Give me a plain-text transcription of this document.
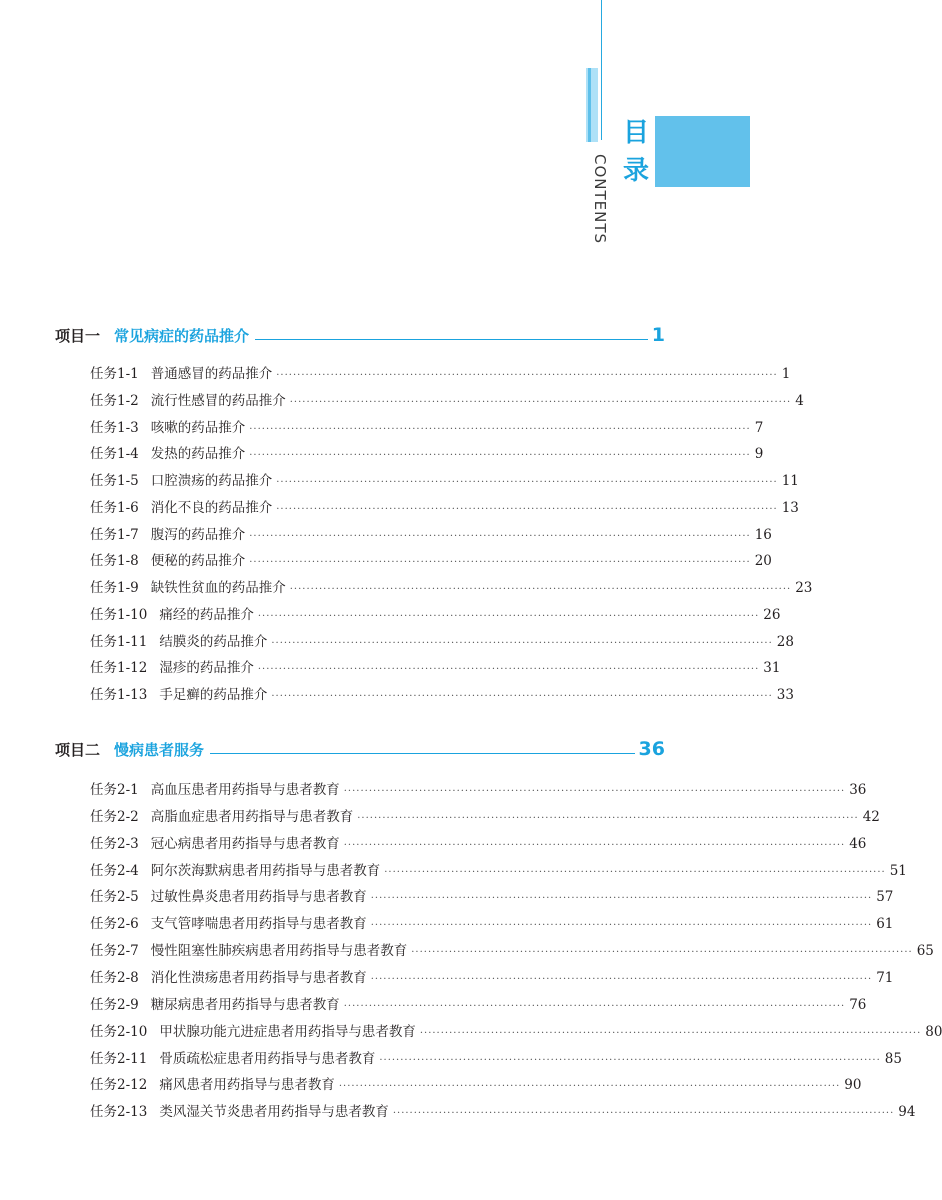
目
录
CONTENTS
项目一 常见病症的药品推介	1
任务1-1 普通感冒的药品推介 ························································································································ 1
任务1-2 流行性感冒的药品推介 ························································································································ 4
任务1-3 咳嗽的药品推介 ························································································································ 7
任务1-4 发热的药品推介 ························································································································ 9
任务1-5 口腔溃疡的药品推介 ························································································································ 11
任务1-6 消化不良的药品推介 ························································································································ 13
任务1-7 腹泻的药品推介 ························································································································ 16
任务1-8 便秘的药品推介 ························································································································ 20
任务1-9 缺铁性贫血的药品推介 ························································································································ 23
任务1-10 痛经的药品推介 ························································································································ 26
任务1-11 结膜炎的药品推介 ························································································································ 28
任务1-12 湿疹的药品推介 ························································································································ 31
任务1-13 手足癣的药品推介 ························································································································ 33
项目二 慢病患者服务	36
任务2-1 高血压患者用药指导与患者教育 ························································································································ 36
任务2-2 高脂血症患者用药指导与患者教育 ························································································································ 42
任务2-3 冠心病患者用药指导与患者教育 ························································································································ 46
任务2-4 阿尔茨海默病患者用药指导与患者教育 ························································································································ 51
任务2-5 过敏性鼻炎患者用药指导与患者教育 ························································································································ 57
任务2-6 支气管哮喘患者用药指导与患者教育 ························································································································ 61
任务2-7 慢性阻塞性肺疾病患者用药指导与患者教育 ························································································································ 65
任务2-8 消化性溃疡患者用药指导与患者教育 ························································································································ 71
任务2-9 糖尿病患者用药指导与患者教育 ························································································································ 76
任务2-10 甲状腺功能亢进症患者用药指导与患者教育 ························································································································ 80
任务2-11 骨质疏松症患者用药指导与患者教育 ························································································································ 85
任务2-12 痛风患者用药指导与患者教育 ························································································································ 90
任务2-13 类风湿关节炎患者用药指导与患者教育 ························································································································ 94
